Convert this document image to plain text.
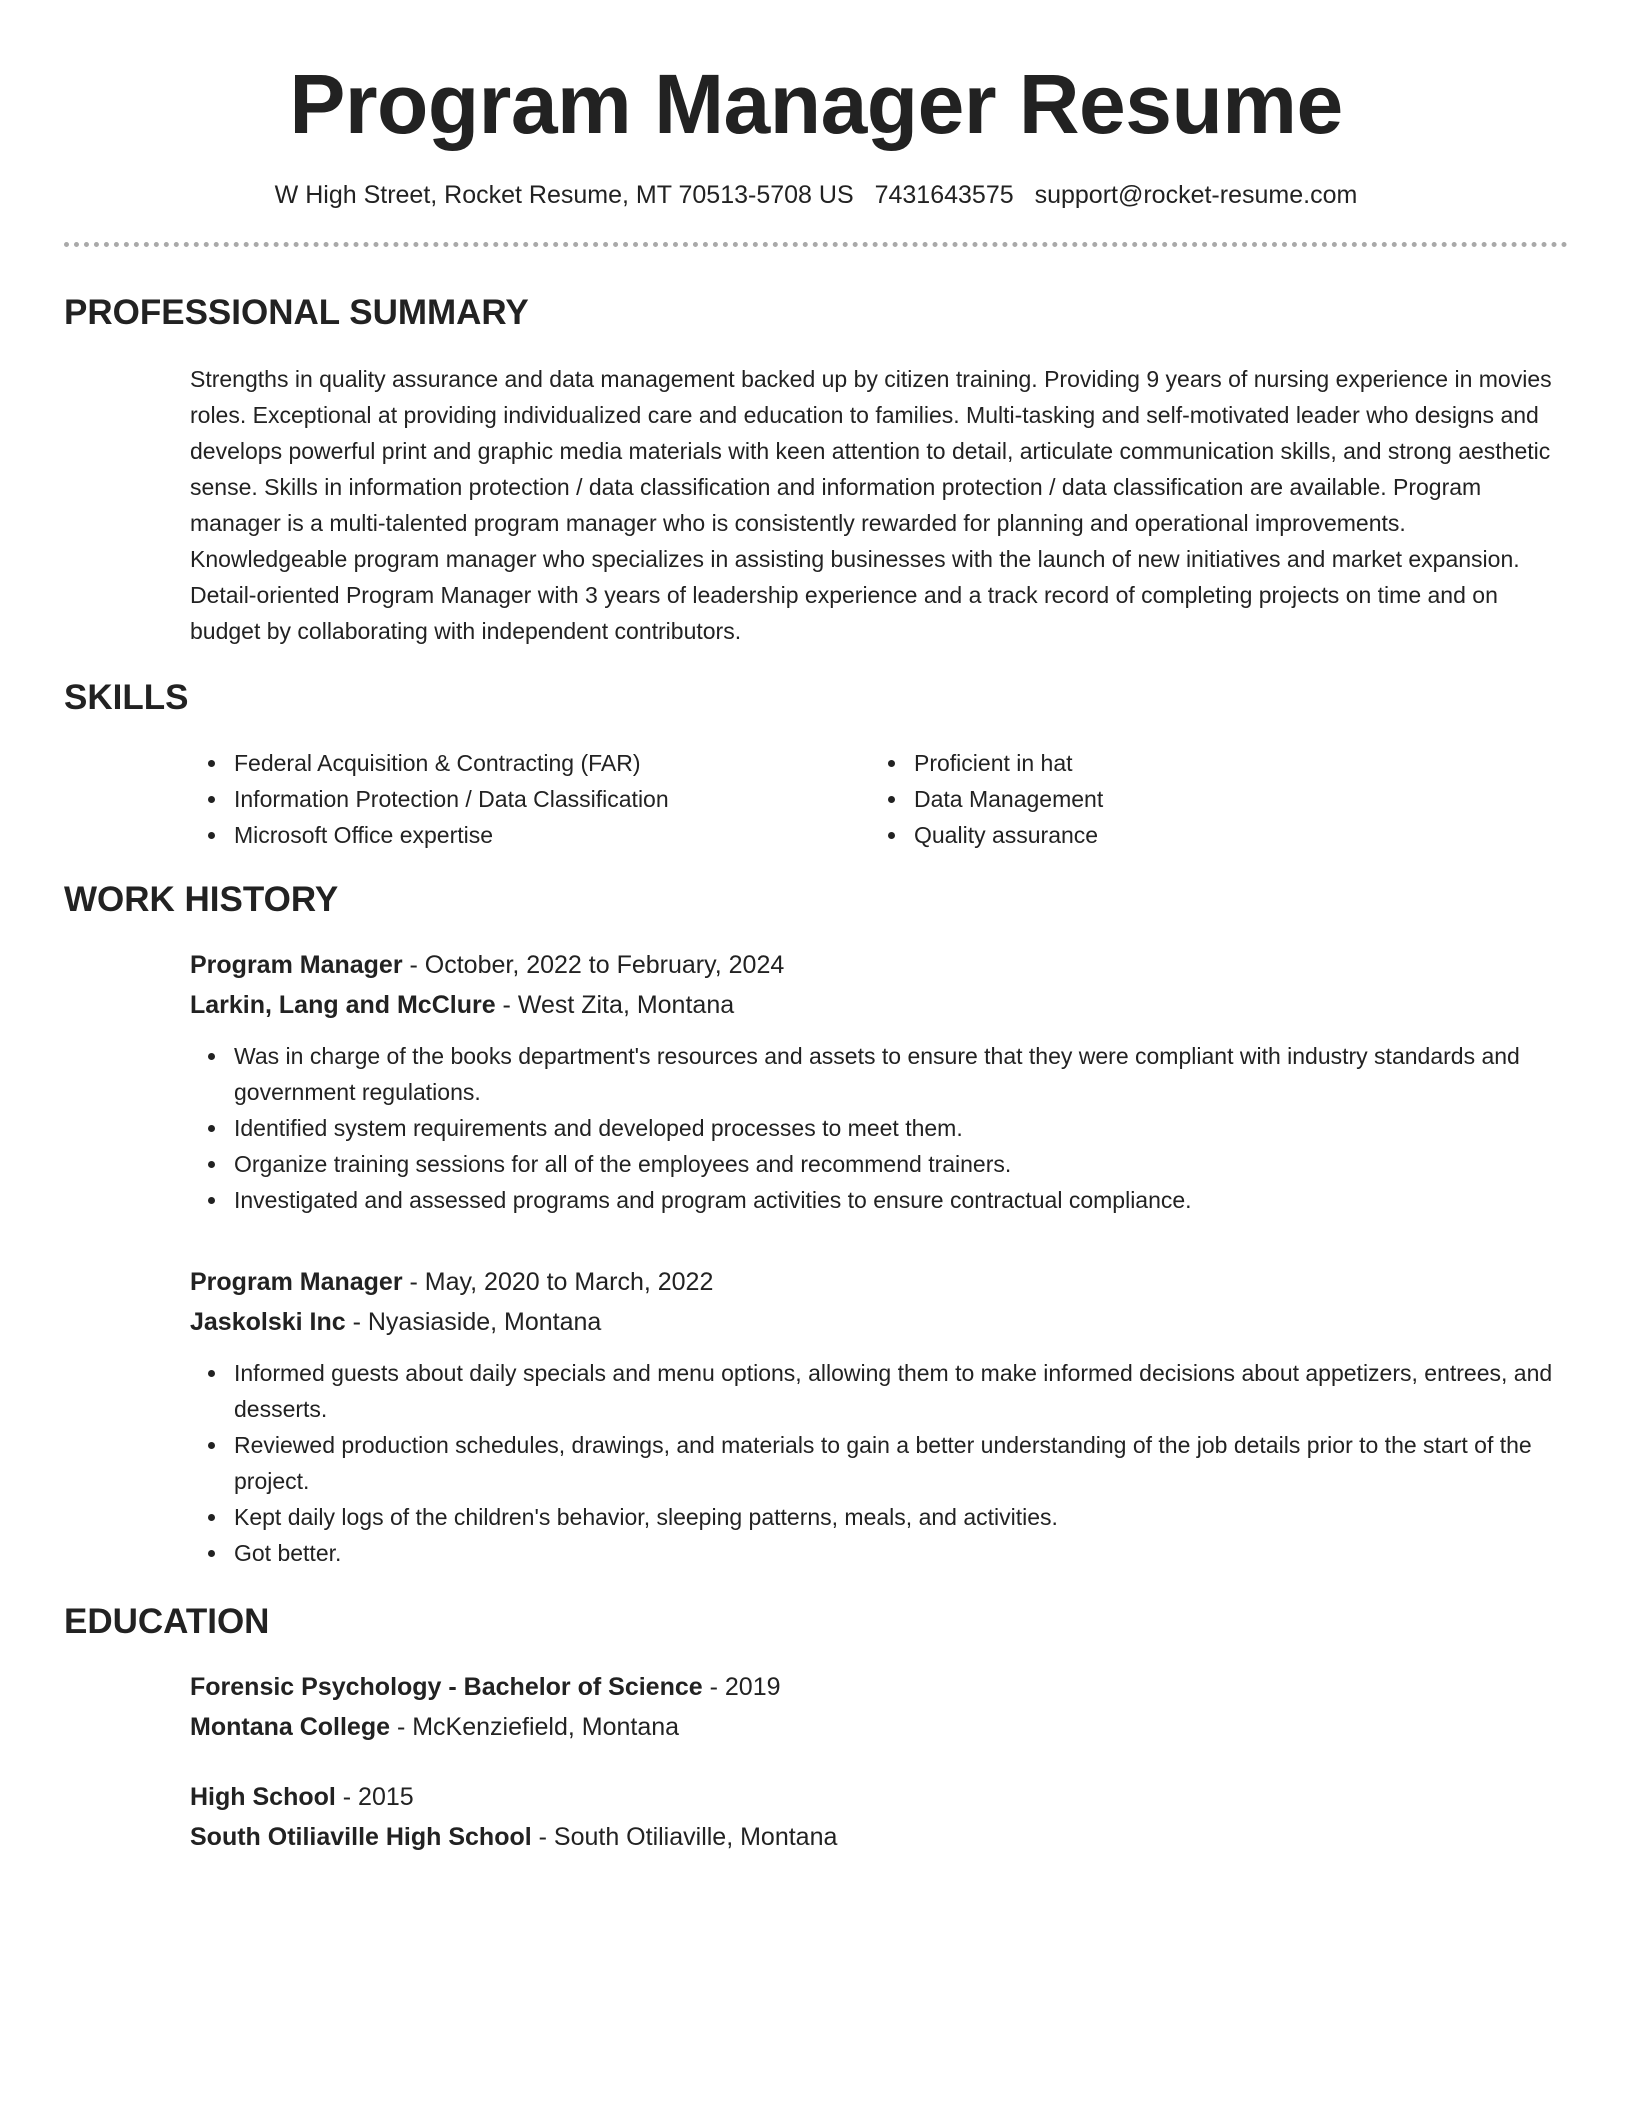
Program Manager Resume
W High Street, Rocket Resume, MT 70513-5708 US 7431643575 support@rocket-resume.com
PROFESSIONAL SUMMARY

Strengths in quality assurance and data management backed up by citizen training. Providing 9 years of nursing experience in movies roles. Exceptional at providing individualized care and education to families. Multi-tasking and self-motivated leader who designs and develops powerful print and graphic media materials with keen attention to detail, articulate communication skills, and strong aesthetic sense. Skills in information protection / data classification and information protection / data classification are available. Program manager is a multi-talented program manager who is consistently rewarded for planning and operational improvements. Knowledgeable program manager who specializes in assisting businesses with the launch of new initiatives and market expansion. Detail-oriented Program Manager with 3 years of leadership experience and a track record of completing projects on time and on budget by collaborating with independent contributors.

SKILLS
Federal Acquisition & Contracting (FAR)
Information Protection / Data Classification
Microsoft Office expertise
Proficient in hat
Data Management
Quality assurance
WORK HISTORY
Program Manager - October, 2022 to February, 2024
Larkin, Lang and McClure - West Zita, Montana
Was in charge of the books department's resources and assets to ensure that they were compliant with industry standards and government regulations.
Identified system requirements and developed processes to meet them.
Organize training sessions for all of the employees and recommend trainers.
Investigated and assessed programs and program activities to ensure contractual compliance.
Program Manager - May, 2020 to March, 2022
Jaskolski Inc - Nyasiaside, Montana
Informed guests about daily specials and menu options, allowing them to make informed decisions about appetizers, entrees, and desserts.
Reviewed production schedules, drawings, and materials to gain a better understanding of the job details prior to the start of the project.
Kept daily logs of the children's behavior, sleeping patterns, meals, and activities.
Got better.
EDUCATION
Forensic Psychology - Bachelor of Science - 2019
Montana College - McKenziefield, Montana
High School - 2015
South Otiliaville High School - South Otiliaville, Montana
